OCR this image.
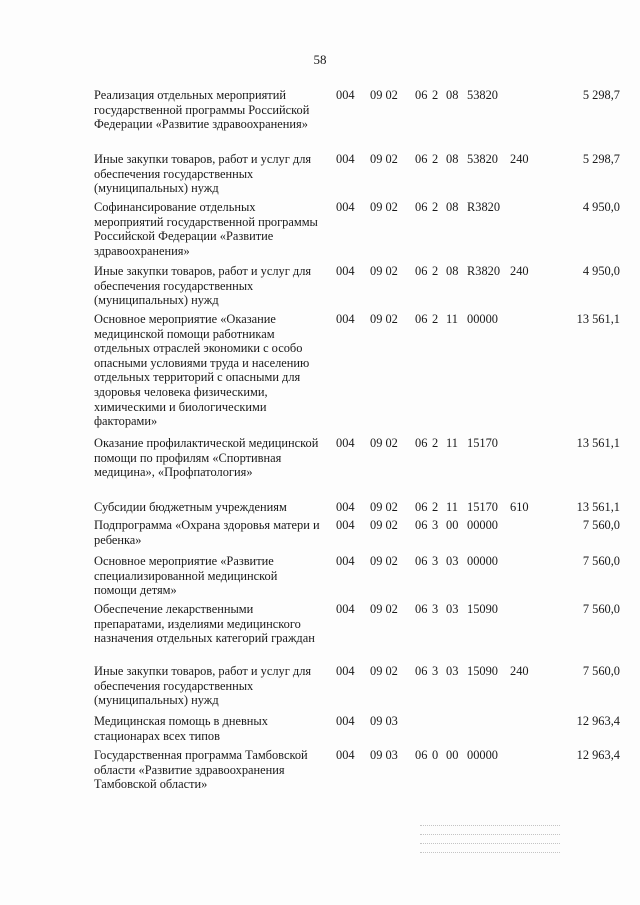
58
Реализация отдельных мероприятий государственной программы Российской Федерации «Развитие здравоохранения»
004 09 02 06 2 08 53820	5 298,7
Иные закупки товаров, работ и услуг для обеспечения государственных (муниципальных) нужд
004 09 02 06 2 08 53820 240	5 298,7
Софинансирование отдельных мероприятий государственной программы Российской Федерации «Развитие здравоохранения»
004 09 02 06 2 08 R3820	4 950,0
Иные закупки товаров, работ и услуг для обеспечения государственных (муниципальных) нужд
004 09 02 06 2 08 R3820 240	4 950,0
Основное мероприятие «Оказание медицинской помощи работникам отдельных отраслей экономики с особо опасными условиями труда и населению отдельных территорий с опасными для здоровья человека физическими, химическими и биологическими факторами»
004 09 02 06 2 11 00000	13 561,1
Оказание профилактической медицинской помощи по профилям «Спортивная медицина», «Профпатология»
004 09 02 06 2 11 15170	13 561,1
Субсидии бюджетным учреждениям	004 09 02 06 2 11 15170 610	13 561,1
Подпрограмма «Охрана здоровья матери и ребенка»
004 09 02 06 3 00 00000	7 560,0
Основное мероприятие «Развитие специализированной медицинской помощи детям»
004 09 02 06 3 03 00000	7 560,0
Обеспечение лекарственными препаратами, изделиями медицинского назначения отдельных категорий граждан
004 09 02 06 3 03 15090	7 560,0
Иные закупки товаров, работ и услуг для обеспечения государственных (муниципальных) нужд
004 09 02 06 3 03 15090 240	7 560,0
Медицинская помощь в дневных стационарах всех типов
004 09 03	12 963,4
Государственная программа Тамбовской области «Развитие здравоохранения Тамбовской области»
004 09 03 06 0 00 00000	12 963,4
